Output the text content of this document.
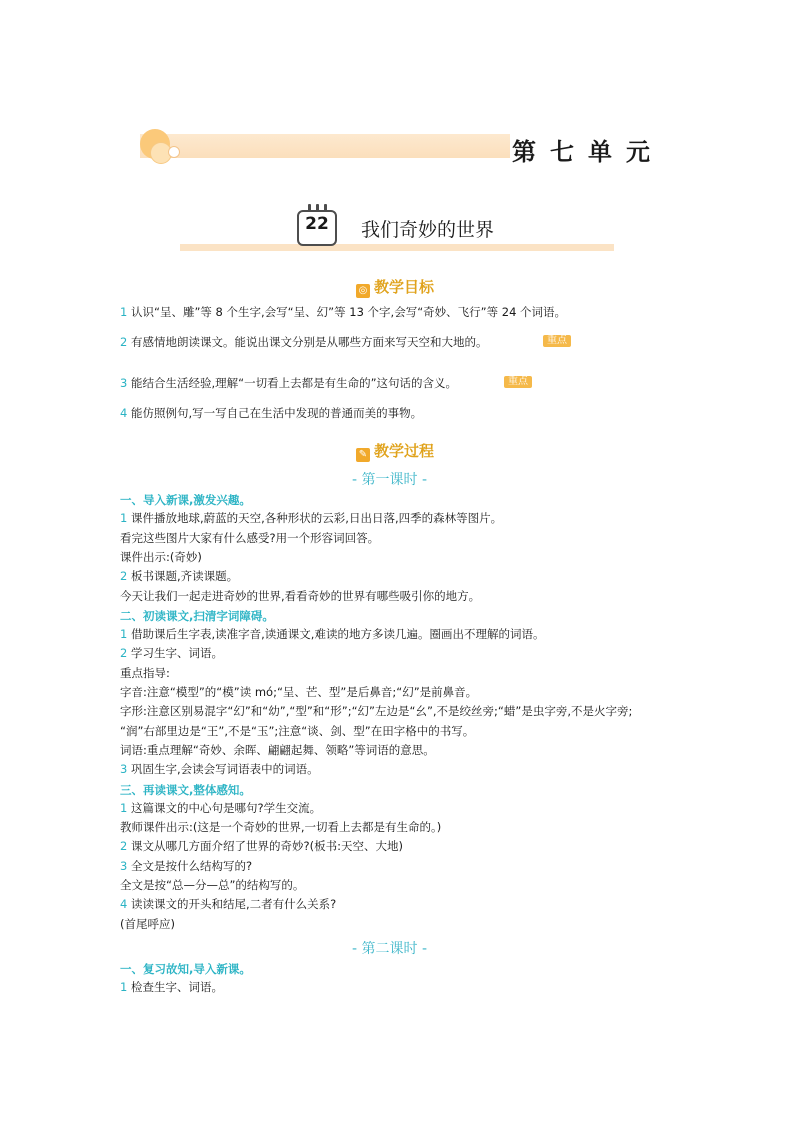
第七单元
22	我们奇妙的世界
◎ 教学目标
1 认识“呈、雕”等 8 个生字,会写“呈、幻”等 13 个字,会写“奇妙、飞行”等 24 个词语。
2 有感情地朗读课文。能说出课文分别是从哪些方面来写天空和大地的。	重点
3 能结合生活经验,理解“一切看上去都是有生命的”这句话的含义。	重点
4 能仿照例句,写一写自己在生活中发现的普通而美的事物。
✎ 教学过程
- 第一课时 -
一、导入新课,激发兴趣。
1 课件播放地球,蔚蓝的天空,各种形状的云彩,日出日落,四季的森林等图片。
看完这些图片大家有什么感受?用一个形容词回答。
课件出示:(奇妙)
2 板书课题,齐读课题。
今天让我们一起走进奇妙的世界,看看奇妙的世界有哪些吸引你的地方。
二、初读课文,扫清字词障碍。
1 借助课后生字表,读准字音,读通课文,难读的地方多读几遍。圈画出不理解的词语。
2 学习生字、词语。
重点指导:
字音:注意“模型”的“模”读 mó;“呈、芒、型”是后鼻音;“幻”是前鼻音。
字形:注意区别易混字“幻”和“幼”,“型”和“形”;“幻”左边是“幺”,不是绞丝旁;“蜡”是虫字旁,不是火字旁;
“润”右部里边是“王”,不是“玉”;注意“谈、剑、型”在田字格中的书写。
词语:重点理解“奇妙、余晖、翩翩起舞、领略”等词语的意思。
3 巩固生字,会读会写词语表中的词语。
三、再读课文,整体感知。
1 这篇课文的中心句是哪句?学生交流。
教师课件出示:(这是一个奇妙的世界,一切看上去都是有生命的。)
2 课文从哪几方面介绍了世界的奇妙?(板书:天空、大地)
3 全文是按什么结构写的?
全文是按“总—分—总”的结构写的。
4 读读课文的开头和结尾,二者有什么关系?
(首尾呼应)
- 第二课时 -
一、复习故知,导入新课。
1 检查生字、词语。
